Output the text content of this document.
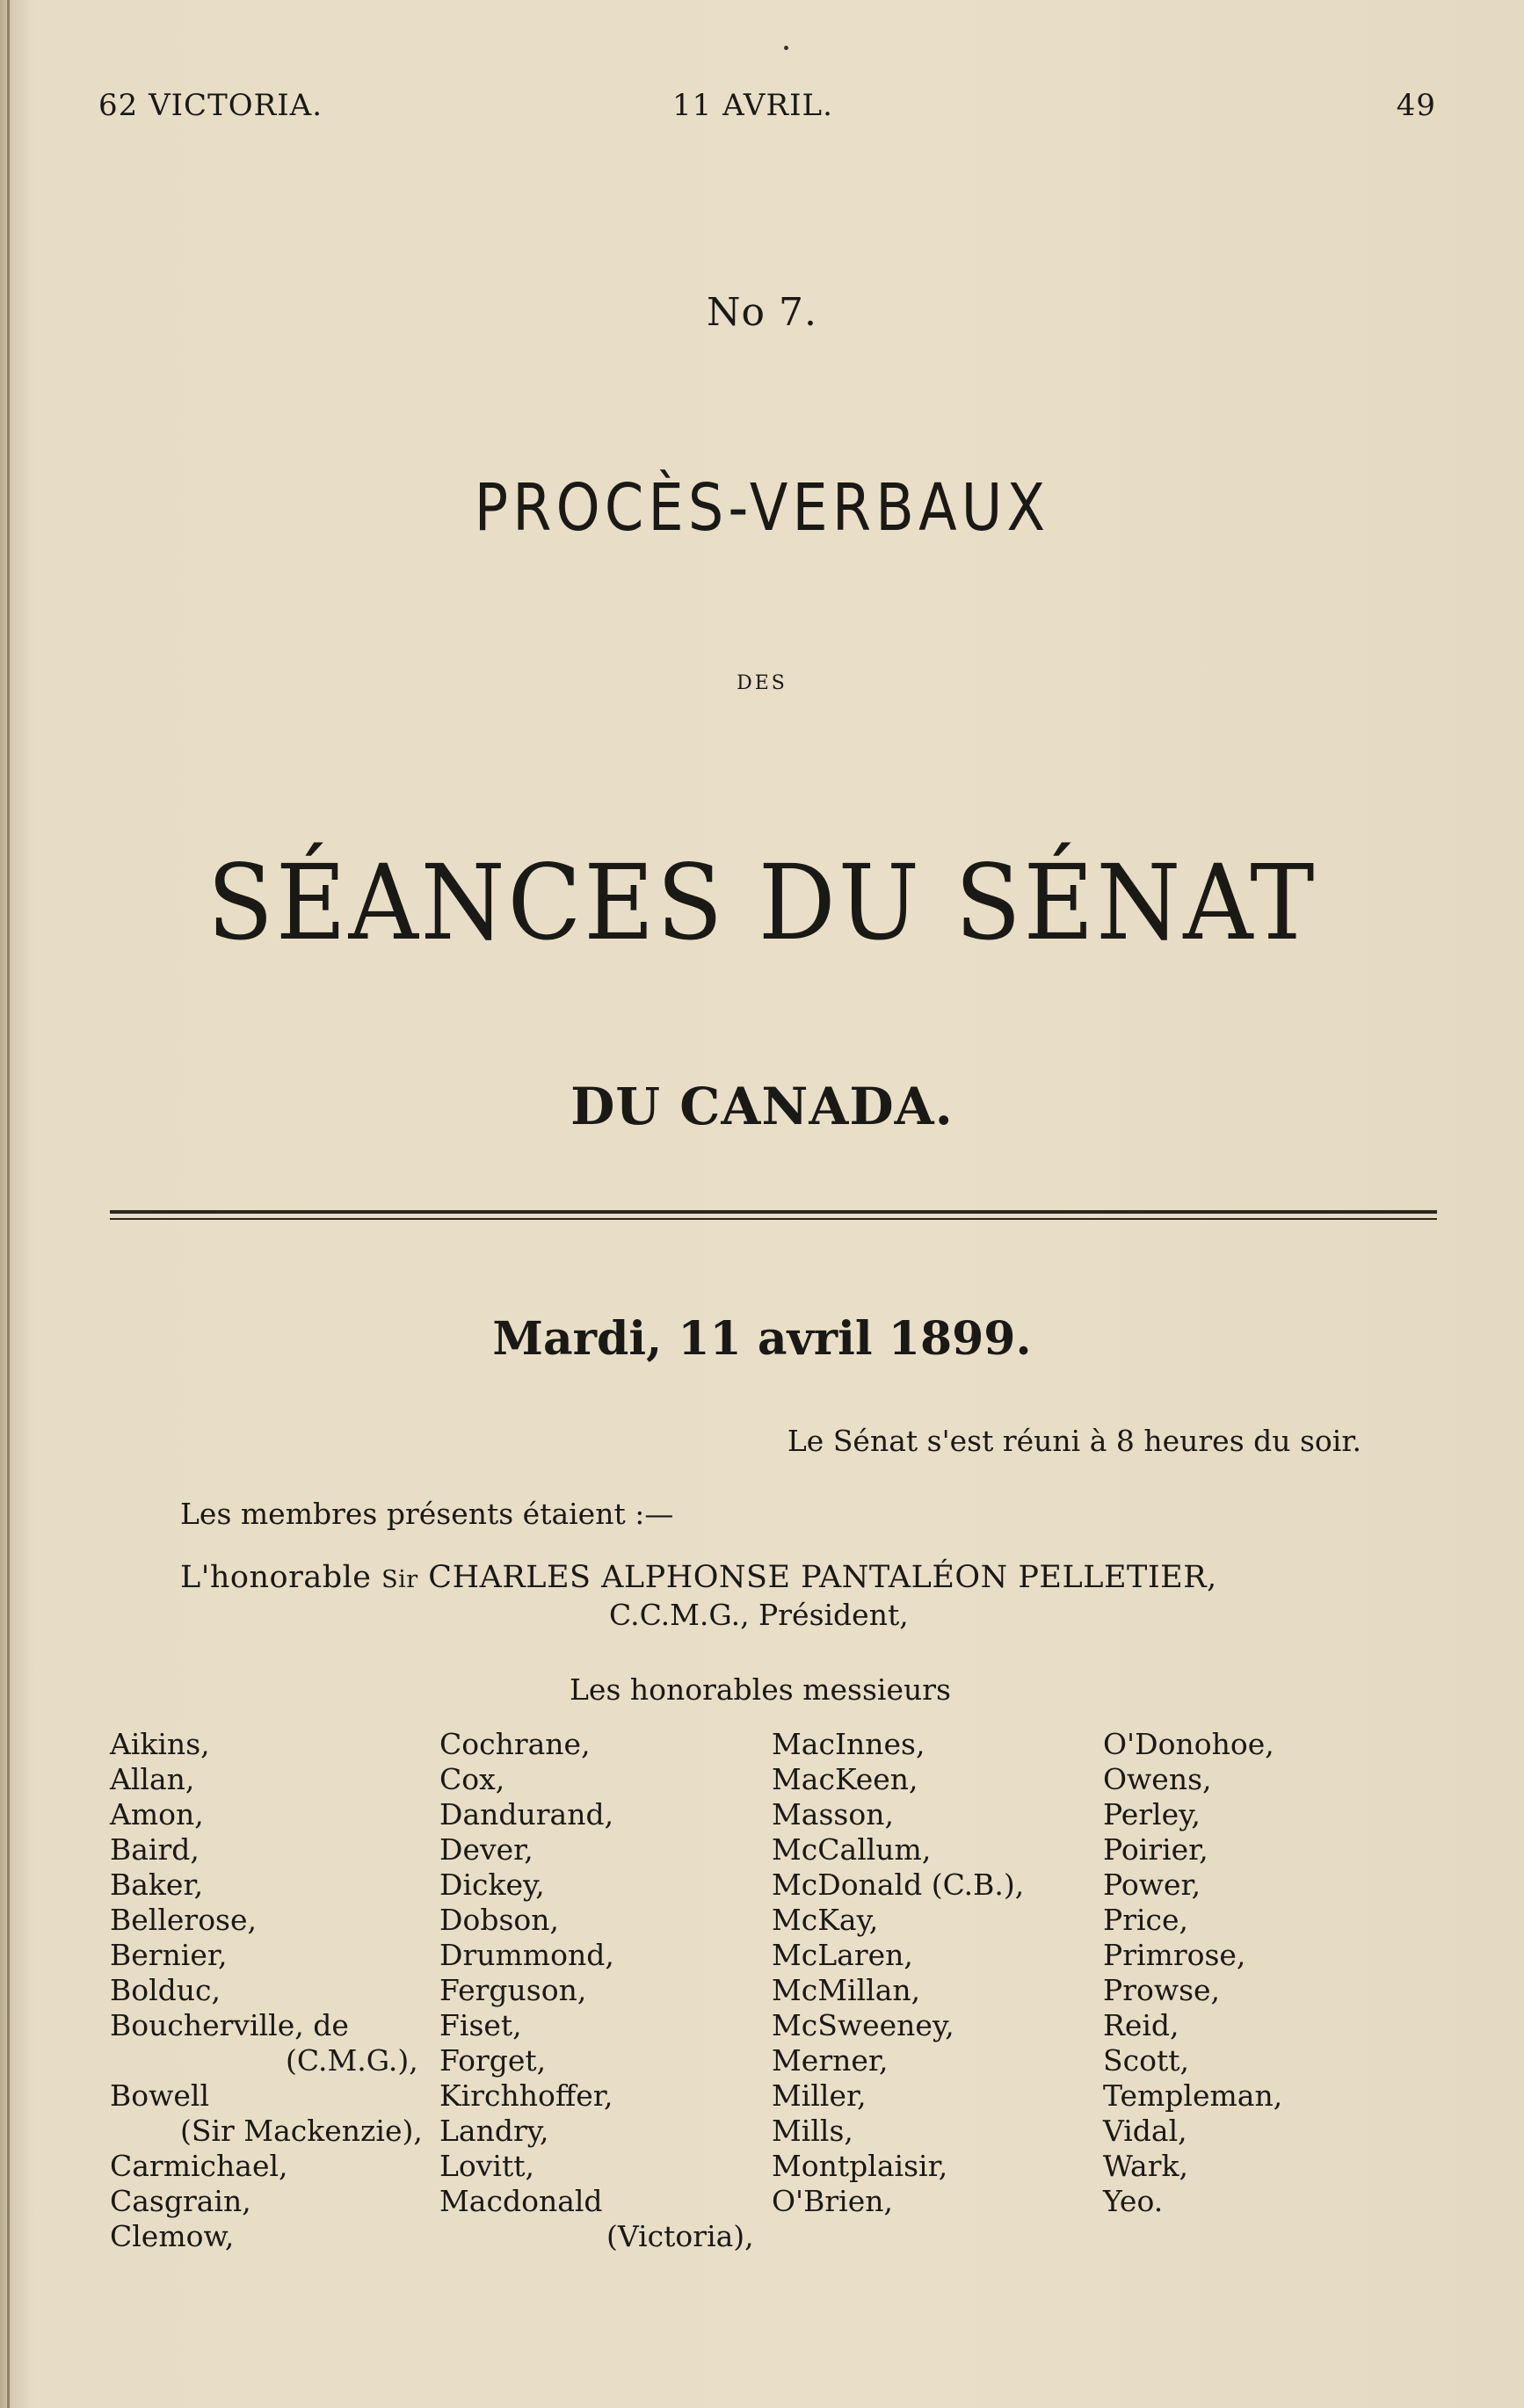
62 VICTORIA.	11 AVRIL.	49
No 7.
PROCÈS-VERBAUX
DES
SÉANCES DU SÉNAT
DU CANADA.
Mardi, 11 avril 1899.
Le Sénat s'est réuni à 8 heures du soir.
Les membres présents étaient :—
L'honorable Sir CHARLES ALPHONSE PANTALÉON PELLETIER,
C.C.M.G., Président,
Les honorables messieurs
Aikins,
Allan,
Amon,
Baird,
Baker,
Bellerose,
Bernier,
Bolduc,
Boucherville, de
(C.M.G.),
Bowell
(Sir Mackenzie),
Carmichael,
Casgrain,
Clemow,
Cochrane,
Cox,
Dandurand,
Dever,
Dickey,
Dobson,
Drummond,
Ferguson,
Fiset,
Forget,
Kirchhoffer,
Landry,
Lovitt,
Macdonald
MacInnes,
MacKeen,
Masson,
McCallum,
McDonald (C.B.),
McKay,
McLaren,
McMillan,
McSweeney,
Merner,
Miller,
Mills,
Montplaisir,
O'Brien,
O'Donohoe,
Owens,
Perley,
Poirier,
Power,
Price,
Primrose,
Prowse,
Reid,
Scott,
Templeman,
Vidal,
Wark,
Yeo.
(Victoria),
